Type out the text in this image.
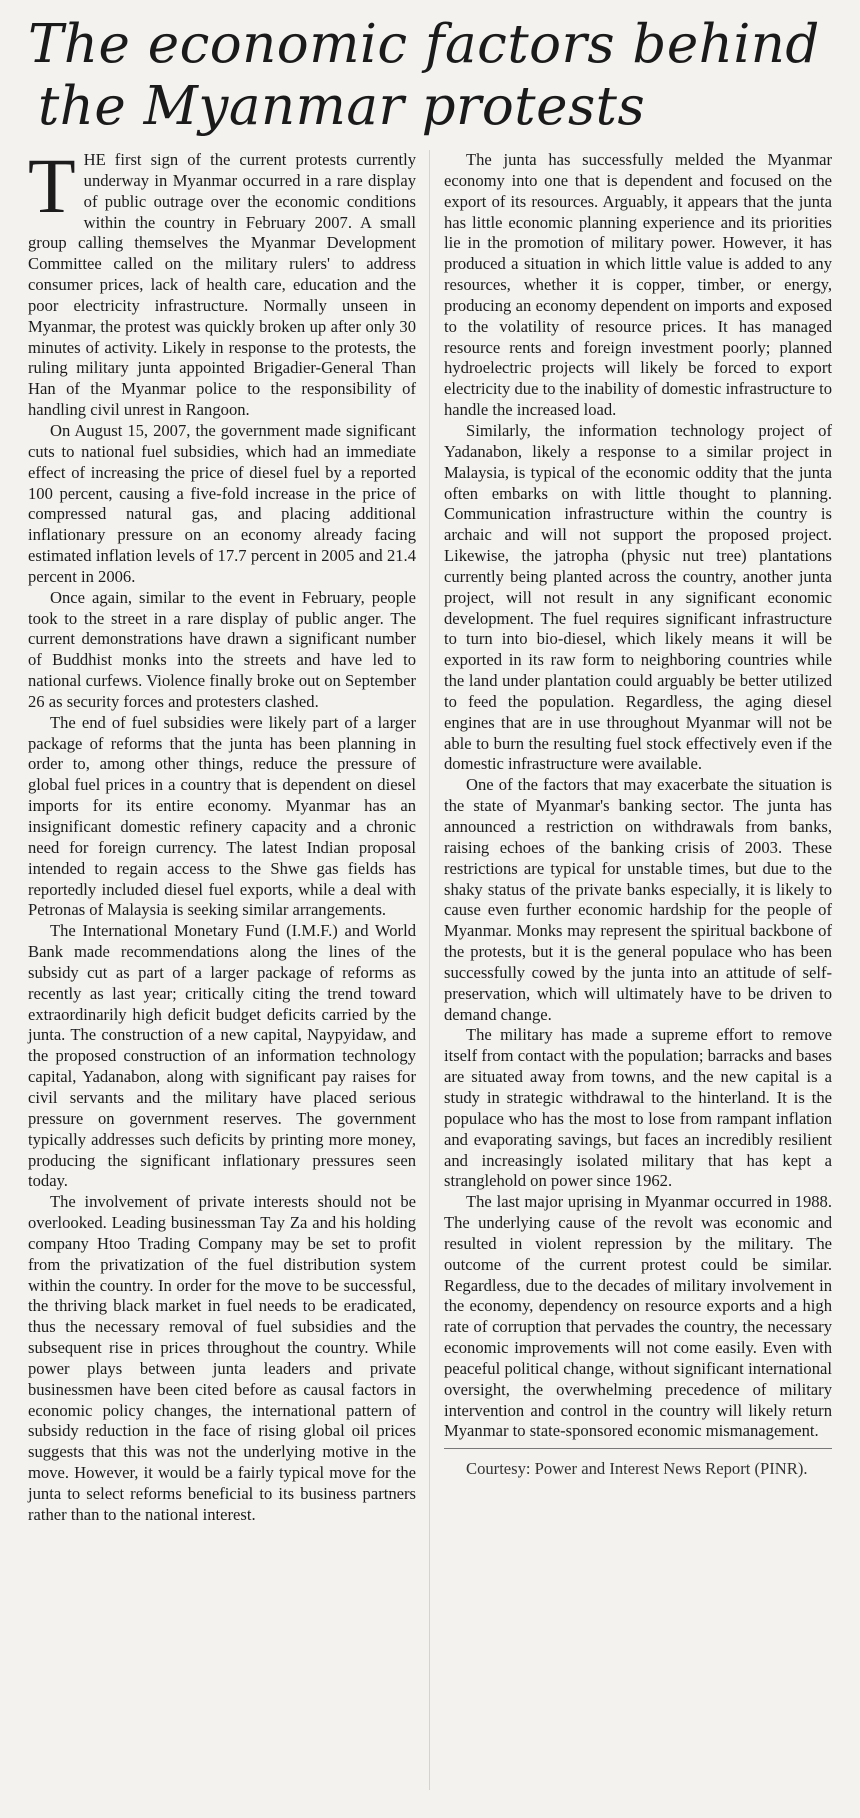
The economic factors behind
the Myanmar protests

THE first sign of the current protests currently underway in Myanmar occurred in a rare display of public outrage over the economic conditions within the country in February 2007. A small group calling themselves the Myanmar Development Committee called on the military rulers' to address consumer prices, lack of health care, education and the poor electricity infrastructure. Normally unseen in Myanmar, the protest was quickly broken up after only 30 minutes of activity. Likely in response to the protests, the ruling military junta appointed Brigadier-General Than Han of the Myanmar police to the responsibility of handling civil unrest in Rangoon.

On August 15, 2007, the government made significant cuts to national fuel subsidies, which had an immediate effect of increasing the price of diesel fuel by a reported 100 percent, causing a five-fold increase in the price of compressed natural gas, and placing additional inflationary pressure on an economy already facing estimated inflation levels of 17.7 percent in 2005 and 21.4 percent in 2006.

Once again, similar to the event in February, people took to the street in a rare display of public anger. The current demonstrations have drawn a significant number of Buddhist monks into the streets and have led to national curfews. Violence finally broke out on September 26 as security forces and protesters clashed.

The end of fuel subsidies were likely part of a larger package of reforms that the junta has been planning in order to, among other things, reduce the pressure of global fuel prices in a country that is dependent on diesel imports for its entire economy. Myanmar has an insignificant domestic refinery capacity and a chronic need for foreign currency. The latest Indian proposal intended to regain access to the Shwe gas fields has reportedly included diesel fuel exports, while a deal with Petronas of Malaysia is seeking similar arrangements.

The International Monetary Fund (I.M.F.) and World Bank made recommendations along the lines of the subsidy cut as part of a larger package of reforms as recently as last year; critically citing the trend toward extraordinarily high deficit budget deficits carried by the junta. The construction of a new capital, Naypyidaw, and the proposed construction of an information technology capital, Yadanabon, along with significant pay raises for civil servants and the military have placed serious pressure on government reserves. The government typically addresses such deficits by printing more money, producing the significant inflationary pressures seen today.

The involvement of private interests should not be overlooked. Leading businessman Tay Za and his holding company Htoo Trading Company may be set to profit from the privatization of the fuel distribution system within the country. In order for the move to be successful, the thriving black market in fuel needs to be eradicated, thus the necessary removal of fuel subsidies and the subsequent rise in prices throughout the country. While power plays between junta leaders and private businessmen have been cited before as causal factors in economic policy changes, the international pattern of subsidy reduction in the face of rising global oil prices suggests that this was not the underlying motive in the move. However, it would be a fairly typical move for the junta to select reforms beneficial to its business partners rather than to the national interest.

The junta has successfully melded the Myanmar economy into one that is dependent and focused on the export of its resources. Arguably, it appears that the junta has little economic planning experience and its priorities lie in the promotion of military power. However, it has produced a situation in which little value is added to any resources, whether it is copper, timber, or energy, producing an economy dependent on imports and exposed to the volatility of resource prices. It has managed resource rents and foreign investment poorly; planned hydroelectric projects will likely be forced to export electricity due to the inability of domestic infrastructure to handle the increased load.

Similarly, the information technology project of Yadanabon, likely a response to a similar project in Malaysia, is typical of the economic oddity that the junta often embarks on with little thought to planning. Communication infrastructure within the country is archaic and will not support the proposed project. Likewise, the jatropha (physic nut tree) plantations currently being planted across the country, another junta project, will not result in any significant economic development. The fuel requires significant infrastructure to turn into bio-diesel, which likely means it will be exported in its raw form to neighboring countries while the land under plantation could arguably be better utilized to feed the population. Regardless, the aging diesel engines that are in use throughout Myanmar will not be able to burn the resulting fuel stock effectively even if the domestic infrastructure were available.

One of the factors that may exacerbate the situation is the state of Myanmar's banking sector. The junta has announced a restriction on withdrawals from banks, raising echoes of the banking crisis of 2003. These restrictions are typical for unstable times, but due to the shaky status of the private banks especially, it is likely to cause even further economic hardship for the people of Myanmar. Monks may represent the spiritual backbone of the protests, but it is the general populace who has been successfully cowed by the junta into an attitude of self-preservation, which will ultimately have to be driven to demand change.

The military has made a supreme effort to remove itself from contact with the population; barracks and bases are situated away from towns, and the new capital is a study in strategic withdrawal to the hinterland. It is the populace who has the most to lose from rampant inflation and evaporating savings, but faces an incredibly resilient and increasingly isolated military that has kept a stranglehold on power since 1962.

The last major uprising in Myanmar occurred in 1988. The underlying cause of the revolt was economic and resulted in violent repression by the military. The outcome of the current protest could be similar. Regardless, due to the decades of military involvement in the economy, dependency on resource exports and a high rate of corruption that pervades the country, the necessary economic improvements will not come easily. Even with peaceful political change, without significant international oversight, the overwhelming precedence of military intervention and control in the country will likely return Myanmar to state-sponsored economic mismanagement.

Courtesy: Power and Interest News Report (PINR).
